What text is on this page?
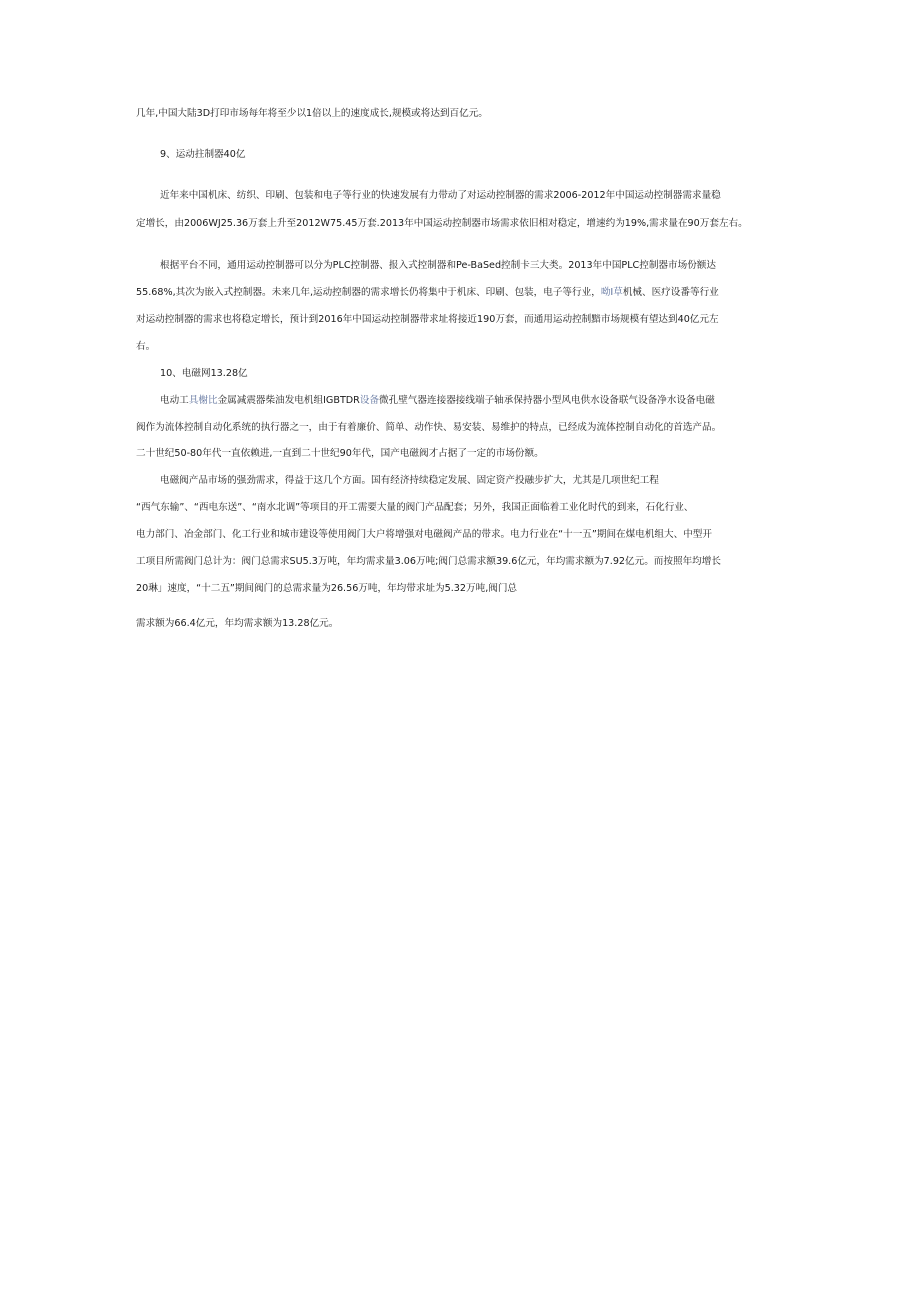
几年,中国大陆3D打印市场每年将至少以1倍以上的速度成长,规模或将达到百亿元。
9、运动拄制器40亿
近年来中国机床、纺织、印刷、包装和电子等行业的快速发展有力带动了对运动控制器的需求2006-2012年中国运动控制器需求量稳
定增长，由2006WJ25.36万套上升至2012W75.45万套.2013年中国运动控制器市场需求依旧相对稳定，增速约为19%,需求量在90万套左右。
根据平台不同，通用运动控制器可以分为PLC控制器、报入式控制器和Pe-BaSed控制卡三大类。2013年中国PLC控制器市场份额达
55.68%,其次为嵌入式控制器。未来几年,运动控制器的需求增长仍将集中于机床、印刷、包装，电子等行业，呦I草机械、医疗设番等行业
对运动控制器的需求也将稳定增长，预计到2016年中国运动控制器带求址将接近190万套，而通用运动控制黯市场规模有望达到40亿元左
右。
10、电磁网13.28亿
电动工具榭比金属减震器柴油发电机组IGBTDR设备微孔壁气器连接器接线端子轴承保持器小型风电供水设备联气设备净水设备电磁
阀作为流体控制自动化系统的执行器之一，由于有着廉价、简单、动作快、易安装、易维护的特点，已经成为流体控制自动化的首选产品。
二十世纪50-80年代一直依赖进,一直到二十世纪90年代，国产电磁阀才占据了一定的市场份额。
电磁阀产品市场的强劲需求，得益于这几个方面。国有经济持续稳定发展、固定资产投融步扩大，尤其是几项世纪工程
“西气东输”、“西电东送”、“南水北调”等项目的开工需要大量的阀门产品配套；另外，我国正面临着工业化时代的到来，石化行业、
电力部门、冶金部门、化工行业和城市建设等使用阀门大户将增强对电磁阀产品的带求。电力行业在“十一五”期间在煤电机组大、中型开
工项目所需阀门总计为：阀门总需求SU5.3万吨，年均需求量3.06万吨;阀门总需求额39.6亿元，年均需求额为7.92亿元。而按照年均增长
20琳」速度，“十二五”期间阀门的总需求量为26.56万吨，年均带求址为5.32万吨,阀门总
需求额为66.4亿元，年均需求额为13.28亿元。
